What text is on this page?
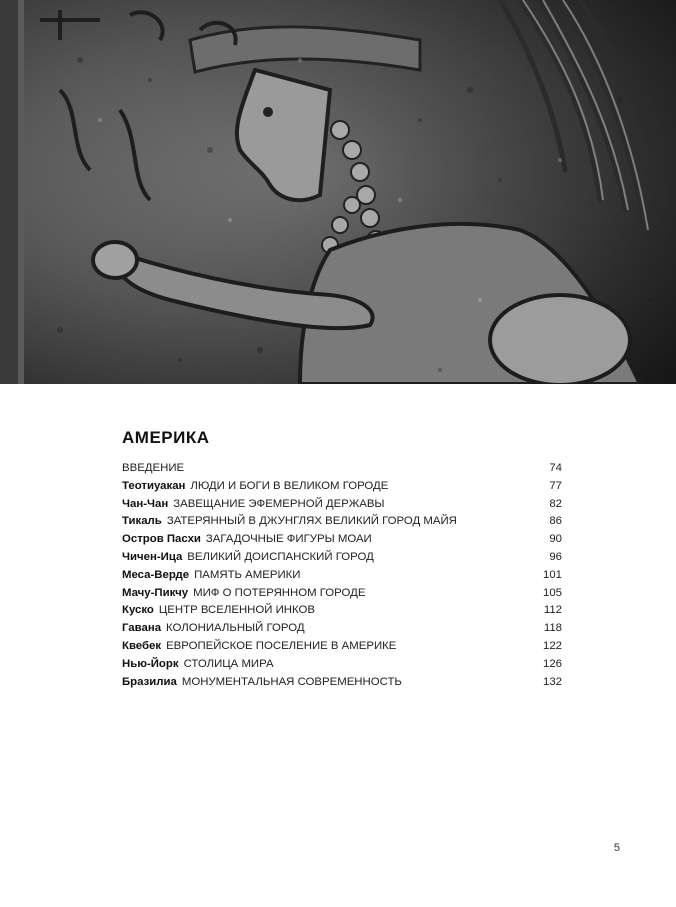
АМЕРИКА
ВВЕДЕНИЕ	74
Теотиуакан ЛЮДИ И БОГИ В ВЕЛИКОМ ГОРОДЕ	77
Чан-Чан ЗАВЕЩАНИЕ ЭФЕМЕРНОЙ ДЕРЖАВЫ	82
Тикаль ЗАТЕРЯННЫЙ В ДЖУНГЛЯХ ВЕЛИКИЙ ГОРОД МАЙЯ	86
Остров Пасхи ЗАГАДОЧНЫЕ ФИГУРЫ МОАИ	90
Чичен-Ица ВЕЛИКИЙ ДОИСПАНСКИЙ ГОРОД	96
Меса-Верде ПАМЯТЬ АМЕРИКИ	101
Мачу-Пикчу МИФ О ПОТЕРЯННОМ ГОРОДЕ	105
Куско ЦЕНТР ВСЕЛЕННОЙ ИНКОВ	112
Гавана КОЛОНИАЛЬНЫЙ ГОРОД	118
Квебек ЕВРОПЕЙСКОЕ ПОСЕЛЕНИЕ В АМЕРИКЕ	122
Нью-Йорк СТОЛИЦА МИРА	126
Бразилиа МОНУМЕНТАЛЬНАЯ СОВРЕМЕННОСТЬ	132
5
